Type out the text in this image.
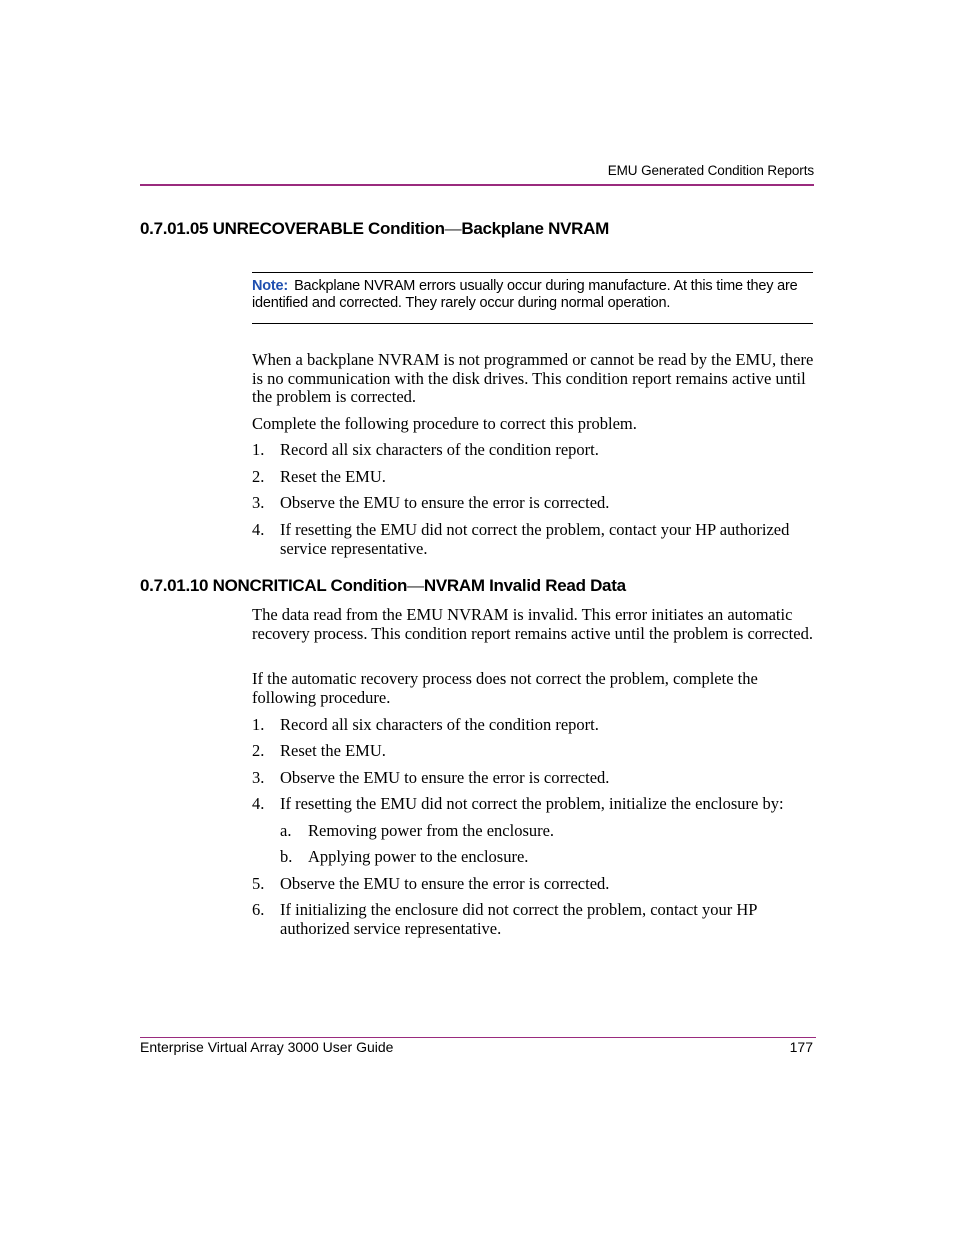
EMU Generated Condition Reports
0.7.01.05 UNRECOVERABLE Condition—Backplane NVRAM
Note: Backplane NVRAM errors usually occur during manufacture. At this time they are identified and corrected. They rarely occur during normal operation.
When a backplane NVRAM is not programmed or cannot be read by the EMU, there is no communication with the disk drives. This condition report remains active until the problem is corrected.
Complete the following procedure to correct this problem.
1. Record all six characters of the condition report.
2. Reset the EMU.
3. Observe the EMU to ensure the error is corrected.
4. If resetting the EMU did not correct the problem, contact your HP authorized service representative.
0.7.01.10 NONCRITICAL Condition—NVRAM Invalid Read Data
The data read from the EMU NVRAM is invalid. This error initiates an automatic recovery process. This condition report remains active until the problem is corrected.
If the automatic recovery process does not correct the problem, complete the following procedure.
1. Record all six characters of the condition report.
2. Reset the EMU.
3. Observe the EMU to ensure the error is corrected.
4. If resetting the EMU did not correct the problem, initialize the enclosure by:
a.	Removing power from the enclosure.
b. Applying power to the enclosure.
5. Observe the EMU to ensure the error is corrected.
6. If initializing the enclosure did not correct the problem, contact your HP authorized service representative.
Enterprise Virtual Array 3000 User Guide	177
